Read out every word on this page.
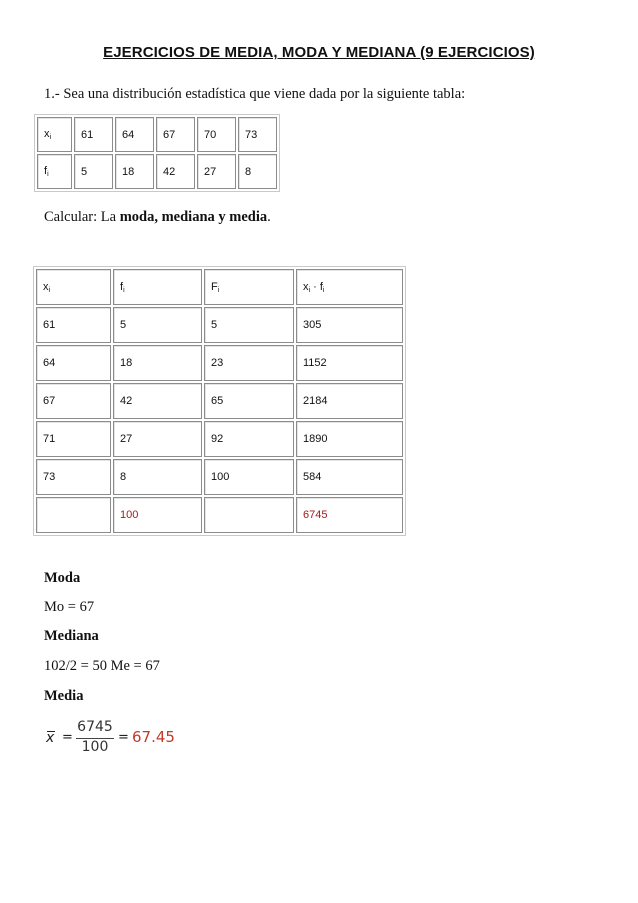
EJERCICIOS DE MEDIA, MODA Y MEDIANA (9 EJERCICIOS)
1.- Sea una distribución estadística que viene dada por la siguiente tabla:
$x_i$	61	64	67	70	73
$f_i$	5	18	42	27	8
Calcular: La moda, mediana y media.
$x_i$	$f_i$	$F_i$	$x_i \cdot f_i$
61	5	5	305
64	18	23	1152
67	42	65	2184
71	27	92	1890
73	8	100	584
	100		6745
Moda
Mo = 67
Mediana
102/2 = 50 Me = 67
Media
x =
6745
100
= 67.45
